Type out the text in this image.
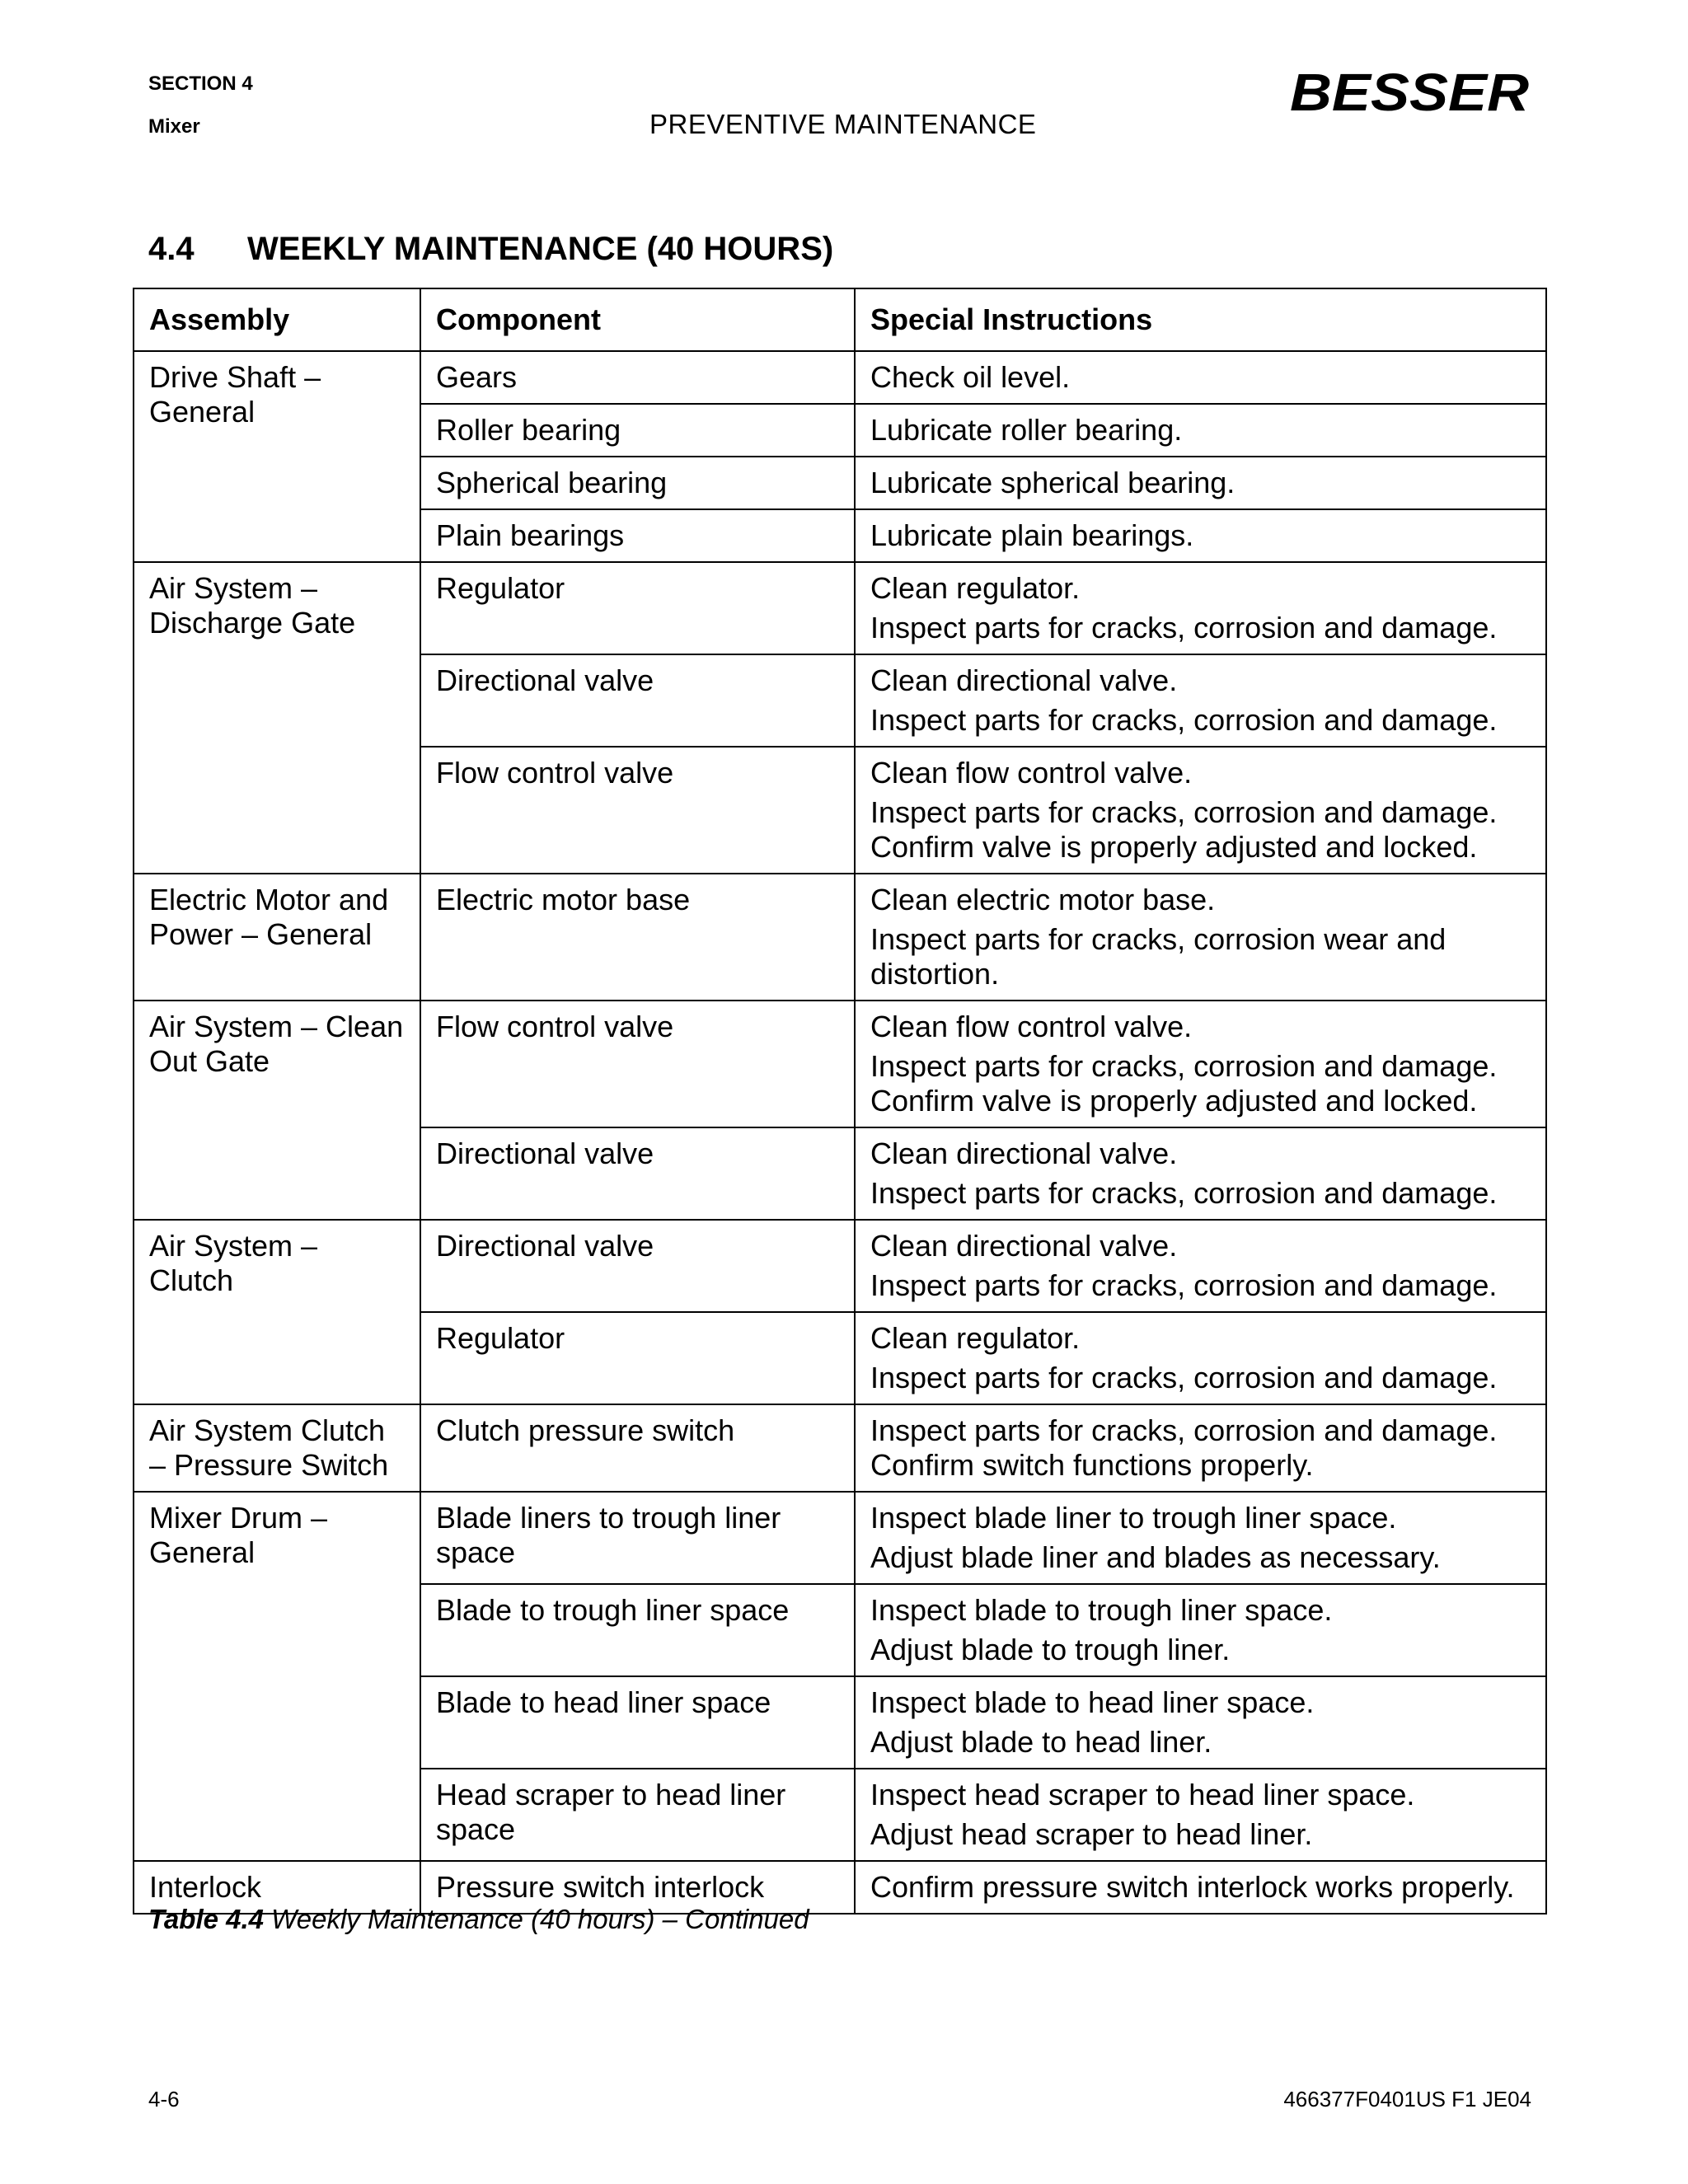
SECTION 4
Mixer	PREVENTIVE MAINTENANCE
BESSER
4.4 WEEKLY MAINTENANCE (40 HOURS)
Assembly	Component	Special Instructions
Drive Shaft – General	Gears	Check oil level.

	Roller bearing	Lubricate roller bearing.

	Spherical bearing	Lubricate spherical bearing.

	Plain bearings	Lubricate plain bearings.

Air System – Discharge Gate	Regulator	Clean regulator.
Inspect parts for cracks, corrosion and damage.

	Directional valve	Clean directional valve.
Inspect parts for cracks, corrosion and damage.

	Flow control valve	Clean flow control valve.
Inspect parts for cracks, corrosion and damage. Confirm valve is properly adjusted and locked.

Electric Motor and Power – General	Electric motor base	Clean electric motor base.
Inspect parts for cracks, corrosion wear and distortion.

Air System – Clean Out Gate	Flow control valve	Clean flow control valve.
Inspect parts for cracks, corrosion and damage. Confirm valve is properly adjusted and locked.

	Directional valve	Clean directional valve.
Inspect parts for cracks, corrosion and damage.

Air System – Clutch	Directional valve	Clean directional valve.
Inspect parts for cracks, corrosion and damage.

	Regulator	Clean regulator.
Inspect parts for cracks, corrosion and damage.

Air System Clutch – Pressure Switch	Clutch pressure switch	Inspect parts for cracks, corrosion and damage. Confirm switch functions properly.

Mixer Drum – General	Blade liners to trough liner space	Inspect blade liner to trough liner space.
Adjust blade liner and blades as necessary.

	Blade to trough liner space	Inspect blade to trough liner space.
Adjust blade to trough liner.

	Blade to head liner space	Inspect blade to head liner space.
Adjust blade to head liner.

	Head scraper to head liner space	Inspect head scraper to head liner space.
Adjust head scraper to head liner.

Interlock	Pressure switch interlock	Confirm pressure switch interlock works properly.
Table 4.4 Weekly Maintenance (40 hours) – Continued
4-6	466377F0401US F1 JE04
